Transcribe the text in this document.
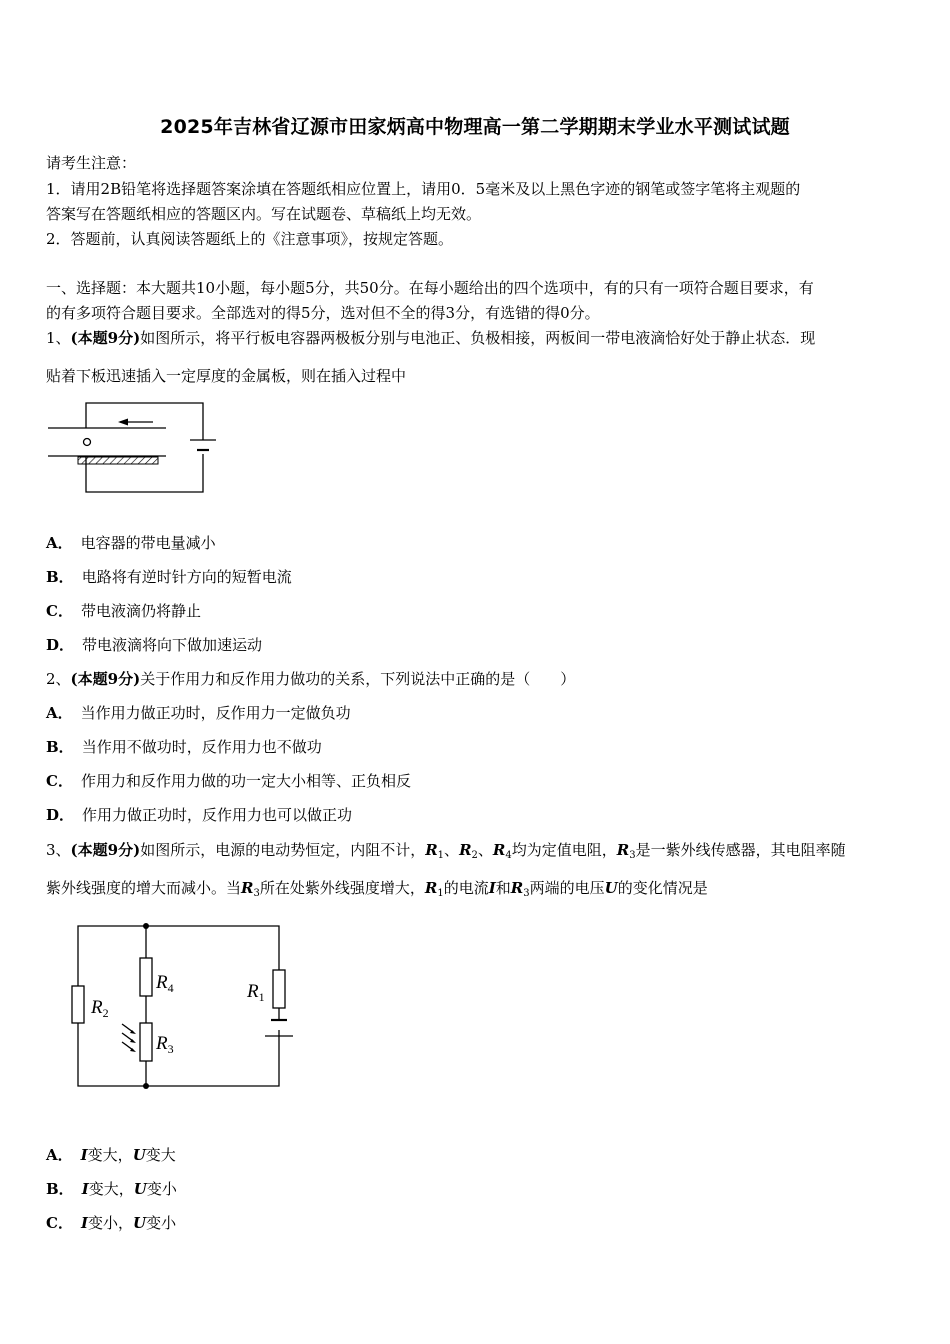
2025年吉林省辽源市田家炳高中物理高一第二学期期末学业水平测试试题
请考生注意：
1．请用2B铅笔将选择题答案涂填在答题纸相应位置上，请用0．5毫米及以上黑色字迹的钢笔或签字笔将主观题的
答案写在答题纸相应的答题区内。写在试题卷、草稿纸上均无效。
2．答题前，认真阅读答题纸上的《注意事项》，按规定答题。
一、选择题：本大题共10小题，每小题5分，共50分。在每小题给出的四个选项中，有的只有一项符合题目要求，有
的有多项符合题目要求。全部选对的得5分，选对但不全的得3分，有选错的得0分。
1、(本题9分)如图所示，将平行板电容器两极板分别与电池正、负极相接，两板间一带电液滴恰好处于静止状态．现
贴着下板迅速插入一定厚度的金属板，则在插入过程中
A． 电容器的带电量减小
B． 电路将有逆时针方向的短暂电流
C． 带电液滴仍将静止
D． 带电液滴将向下做加速运动
2、(本题9分)关于作用力和反作用力做功的关系，下列说法中正确的是（　　）
A． 当作用力做正功时，反作用力一定做负功
B． 当作用不做功时，反作用力也不做功
C． 作用力和反作用力做的功一定大小相等、正负相反
D． 作用力做正功时，反作用力也可以做正功
3、(本题9分)如图所示，电源的电动势恒定，内阻不计，$R_1$、$R_2$、$R_4$均为定值电阻，$R_3$是一紫外线传感器，其电阻率随
紫外线强度的增大而减小。当$R_3$所在处紫外线强度增大，$R_1$的电流I和$R_3$两端的电压U的变化情况是
$R_2$
$R_4$
$R_3$
$R_1$
A． I变大，U变大
B． I变大，U变小
C． I变小，U变小
